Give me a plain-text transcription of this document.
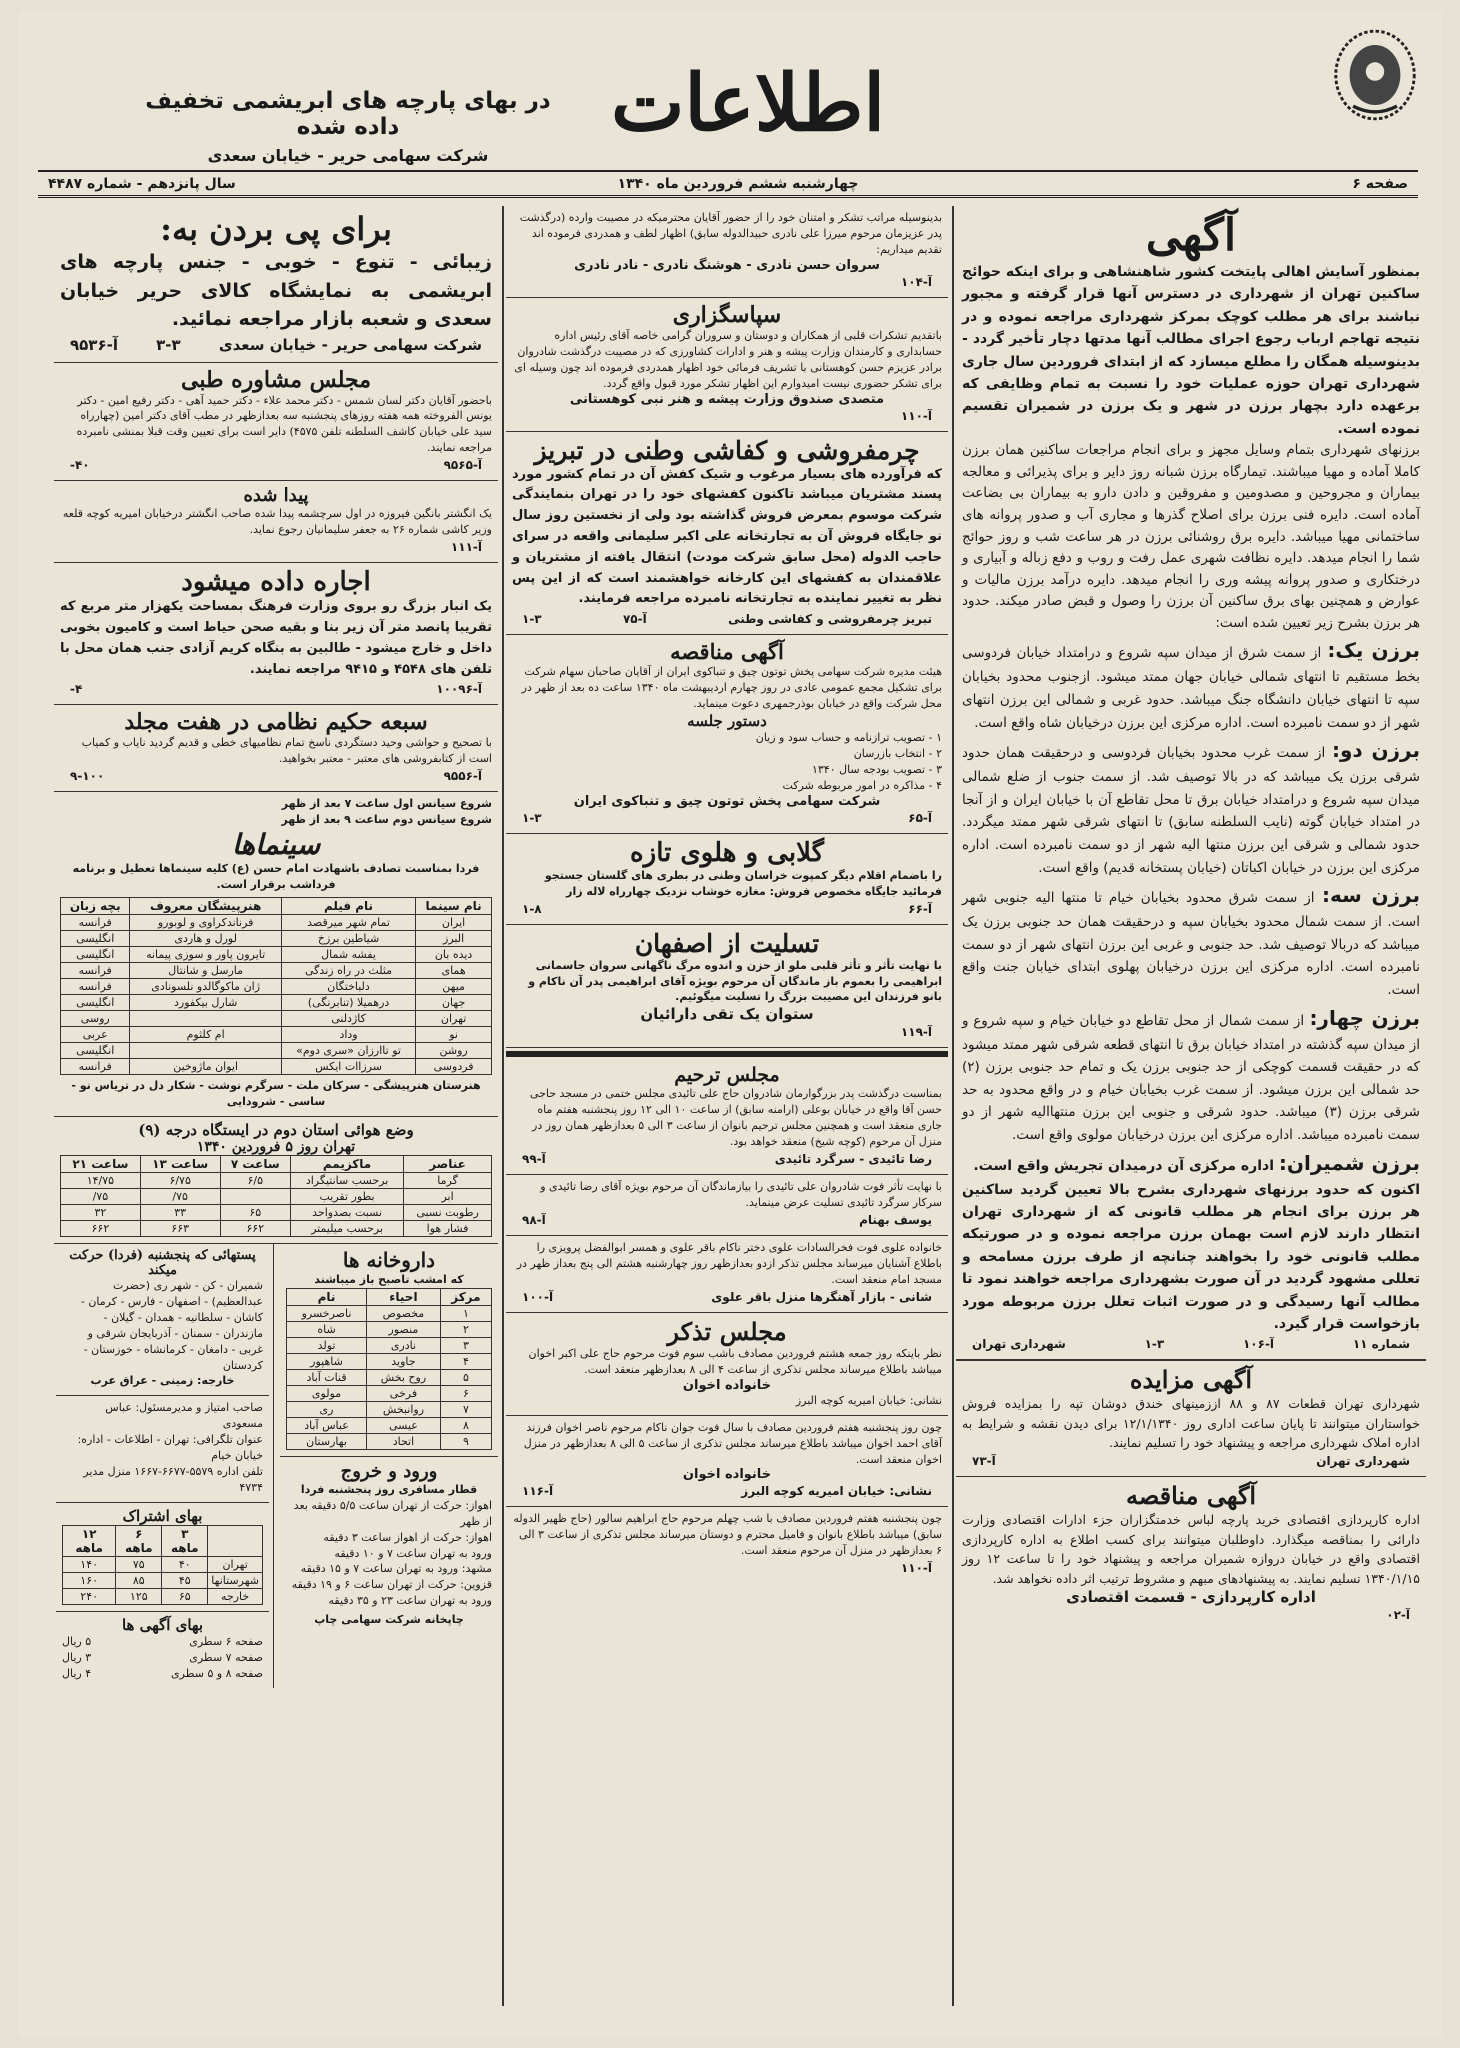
اطلاعات
در بهای پارچه های ابریشمی تخفیف داده شده
شرکت سهامی حریر - خیابان سعدی
صفحه ۶
چهارشنبه ششم فروردین ماه ۱۳۴۰
سال پانزدهم - شماره ۴۴۸۷
آگهی
بمنظور آسایش اهالی پایتخت کشور شاهنشاهی و برای اینکه حوائج ساکنین تهران از شهرداری در دسترس آنها قرار گرفته و مجبور نباشند برای هر مطلب کوچک بمرکز شهرداری مراجعه نموده و در نتیجه تهاجم ارباب رجوع اجرای مطالب آنها مدتها دچار تأخیر گردد - بدینوسیله همگان را مطلع میسازد که از ابتدای فروردین سال جاری شهرداری تهران حوزه عملیات خود را نسبت به تمام وظایفی که برعهده دارد بچهار برزن در شهر و یک برزن در شمیران تقسیم نموده است.
برزنهای شهرداری بتمام وسایل مجهز و برای انجام مراجعات ساکنین همان برزن کاملا آماده و مهیا میباشند. تیمارگاه برزن شبانه روز دایر و برای پذیرائی و معالجه بیماران و مجروحین و مصدومین و مفروقین و دادن دارو به بیماران بی بضاعت آماده است. دایره فنی برزن برای اصلاح گذرها و مجاری آب و صدور پروانه های ساختمانی مهیا میباشد. دایره برق روشنائی برزن در هر ساعت شب و روز حوائج شما را انجام میدهد. دایره نظافت شهری عمل رفت و روب و دفع زباله و آبیاری و درختکاری و صدور پروانه پیشه وری را انجام میدهد. دایره درآمد برزن مالیات و عوارض و همچنین بهای برق ساکنین آن برزن را وصول و قبض صادر میکند. حدود هر برزن بشرح زیر تعیین شده است:
برزن یک: از سمت شرق از میدان سپه شروع و درامتداد خیابان فردوسی بخط مستقیم تا انتهای شمالی خیابان جهان ممتد میشود. ازجنوب محدود بخیابان سپه تا انتهای خیابان دانشگاه جنگ میباشد. حدود غربی و شمالی این برزن انتهای شهر از دو سمت نامبرده است. اداره مرکزی این برزن درخیابان شاه واقع است.
برزن دو: از سمت غرب محدود بخیابان فردوسی و درحقیقت همان حدود شرقی برزن یک میباشد که در بالا توصیف شد. از سمت جنوب از ضلع شمالی میدان سپه شروع و درامتداد خیابان برق تا محل تقاطع آن با خیابان ایران و از آنجا در امتداد خیابان گوته (نایب السلطنه سابق) تا انتهای شرقی شهر ممتد میگردد. حدود شمالی و شرقی این برزن منتها الیه شهر از دو سمت نامبرده است. اداره مرکزی این برزن در خیابان اکباتان (خیابان پستخانه قدیم) واقع است.
برزن سه: از سمت شرق محدود بخیابان خیام تا منتها الیه جنوبی شهر است. از سمت شمال محدود بخیابان سپه و درحقیقت همان حد جنوبی برزن یک میباشد که دربالا توصیف شد. حد جنوبی و غربی این برزن انتهای شهر از دو سمت نامبرده است. اداره مرکزی این برزن درخیابان پهلوی ابتدای خیابان جنت واقع است.
برزن چهار: از سمت شمال از محل تقاطع دو خیابان خیام و سپه شروع و از میدان سپه گذشته در امتداد خیابان برق تا انتهای قطعه شرقی شهر ممتد میشود که در حقیقت قسمت کوچکی از حد جنوبی برزن یک و تمام حد جنوبی برزن (۲) حد شمالی این برزن میشود. از سمت غرب بخیابان خیام و در واقع محدود به حد شرقی برزن (۳) میباشد. حدود شرقی و جنوبی این برزن منتهاالیه شهر از دو سمت نامبرده میباشد. اداره مرکزی این برزن درخیابان مولوی واقع است.
برزن شمیران: اداره مرکزی آن درمیدان تجریش واقع است.
اکنون که حدود برزنهای شهرداری بشرح بالا تعیین گردید ساکنین هر برزن برای انجام هر مطلب قانونی که از شهرداری تهران انتظار دارند لازم است بهمان برزن مراجعه نموده و در صورتیکه مطلب قانونی خود را بخواهند چنانچه از طرف برزن مسامحه و تعللی مشهود گردید در آن صورت بشهرداری مراجعه خواهند نمود تا مطالب آنها رسیدگی و در صورت اثبات تعلل برزن مربوطه مورد بازخواست قرار گیرد.
شماره ۱۱
آ-۱۰۶
۱-۳
شهرداری تهران
آگهی مزایده
شهرداری تهران قطعات ۸۷ و ۸۸ اززمینهای خندق دوشان تپه را بمزایده فروش خواستاران میتوانند تا پایان ساعت اداری روز ۱۲/۱/۱۳۴۰ برای دیدن نقشه و شرایط به اداره املاک شهرداری مراجعه و پیشنهاد خود را تسلیم نمایند.
شهرداری تهران
آ-۷۳
آگهی مناقصه
اداره کارپردازی اقتصادی خرید پارچه لباس خدمتگزاران جزء ادارات اقتصادی وزارت دارائی را بمناقصه میگذارد. داوطلبان میتوانند برای کسب اطلاع به اداره کارپردازی اقتصادی واقع در خیابان دروازه شمیران مراجعه و پیشنهاد خود را تا ساعت ۱۲ روز ۱۳۴۰/۱/۱۵ تسلیم نمایند. به پیشنهادهای مبهم و مشروط ترتیب اثر داده نخواهد شد.
اداره کارپردازی - قسمت اقتصادی
آ-۰۲
بدینوسیله مراتب تشکر و امتنان خود را از حضور آقایان محترمیکه در مصیبت وارده (درگذشت پدر عزیزمان مرحوم میرزا علی نادری حبیدالدوله سابق) اظهار لطف و همدردی فرموده اند تقدیم میداریم:
سروان حسن نادری - هوشنگ نادری - نادر نادری
آ-۱۰۴
سپاسگزاری
باتقدیم تشکرات قلبی از همکاران و دوستان و سروران گرامی خاصه آقای رئیس اداره حسابداری و کارمندان وزارت پیشه و هنر و ادارات کشاورزی که در مصیبت درگذشت شادروان برادر عزیزم حسن کوهستانی با تشریف فرمائی خود اظهار همدردی فرموده اند چون وسیله ای برای تشکر حضوری نیست امیدوارم این اظهار تشکر مورد قبول واقع گردد.
متصدی صندوق وزارت پیشه و هنر نبی کوهستانی
آ-۱۱۰
چرمفروشی و کفاشی وطنی در تبریز
که فرآورده های بسیار مرغوب و شیک کفش آن در تمام کشور مورد پسند مشتریان میباشد تاکنون کفشهای خود را در تهران بنمایندگی شرکت موسوم بمعرض فروش گذاشته بود ولی از نخستین روز سال نو جایگاه فروش آن به تجارتخانه علی اکبر سلیمانی واقعه در سرای حاجب الدوله (محل سابق شرکت مودت) انتقال یافته از مشتریان و علاقمندان به کفشهای این کارخانه خواهشمند است که از این پس نظر به تغییر نماینده به تجارتخانه نامبرده مراجعه فرمایند.
تبریز چرمفروشی و کفاشی وطنی
آ-۷۵
۱-۳
آگهی مناقصه
هیئت مدیره شرکت سهامی پخش توتون چیق و تنباکوی ایران از آقایان صاحبان سهام شرکت برای تشکیل مجمع عمومی عادی در روز چهارم اردیبهشت ماه ۱۳۴۰ ساعت ده بعد از ظهر در محل شرکت واقع در خیابان بوذرجمهری دعوت مینماید.
دستور جلسه
۱ - تصویب ترازنامه و حساب سود و زیان
۲ - انتخاب بازرسان
۳ - تصویب بودجه سال ۱۳۴۰
۴ - مذاکره در امور مربوطه شرکت
شرکت سهامی پخش توتون چیق و تنباکوی ایران
آ-۶۵
۱-۳
گلابی و هلوی تازه
را باضمام اقلام دیگر کمپوت خراسان وطنی در بطری های گلستان جستجو فرمائید جایگاه مخصوص فروش: مغازه خوشاب نزدیک چهارراه لاله زار
آ-۶۶
۱-۸
تسلیت از اصفهان
با نهایت تأثر و تأثر قلبی ملو از حزن و اندوه مرگ ناگهانی سروان جاسمانی ابراهیمی را بعموم باز ماندگان آن مرحوم بویژه آقای ابراهیمی پدر آن ناکام و بانو فرزندان این مصیبت بزرگ را تسلیت میگوئیم.
ستوان یک تقی دارائیان
آ-۱۱۹
مجلس ترحیم
بمناسبت درگذشت پدر بزرگوارمان شادروان حاج علی تائیدی مجلس ختمی در مسجد حاجی حسن آقا واقع در خیابان بوعلی (ارامنه سابق) از ساعت ۱۰ الی ۱۲ روز پنجشنبه هفتم ماه جاری منعقد است و همچنین مجلس ترحیم بانوان از ساعت ۳ الی ۵ بعدازظهر همان روز در منزل آن مرحوم (کوچه شیخ) منعقد خواهد بود.
رضا تائیدی - سرگرد تائیدی
آ-۹۹
با نهایت تأثر فوت شادروان علی تائیدی را بیازماندگان آن مرحوم بویژه آقای رضا تائیدی و سرکار سرگرد تائیدی تسلیت عرض مینماید.
یوسف بهنام
آ-۹۸
خانواده علوی فوت فخرالسادات علوی دختر ناکام باقر علوی و همسر ابوالفضل پرویزی را باطلاع آشنایان میرساند مجلس تذکر ازدو بعدازظهر روز چهارشنبه هشتم الی پنج بعداز ظهر در مسجد امام منعقد است.
شانی - بازار آهنگرها منزل باقر علوی
آ-۱۰۰
مجلس تذکر
نظر باینکه روز جمعه هشتم فروردین مصادف باشب سوم فوت مرحوم حاج علی اکبر اخوان میباشد باطلاع میرساند مجلس تذکری از ساعت ۴ الی ۸ بعدازظهر منعقد است.
خانواده اخوان
نشانی: خیابان امیریه کوچه البرز
چون روز پنجشنبه هفتم فروردین مصادف با سال فوت جوان ناکام مرحوم ناصر اخوان فرزند آقای احمد اخوان میباشد باطلاع میرساند مجلس تذکری از ساعت ۵ الی ۸ بعدازظهر در منزل اخوان منعقد است.
خانواده اخوان
نشانی: خیابان امیریه کوچه البرز
آ-۱۱۶
چون پنجشنبه هفتم فروردین مصادف با شب چهلم مرحوم حاج ابراهیم سالور (حاج ظهیر الدوله سابق) میباشد باطلاع بانوان و فامیل محترم و دوستان میرساند مجلس تذکری از ساعت ۳ الی ۶ بعدازظهر در منزل آن مرحوم منعقد است.
آ-۱۱۰
برای پی بردن به:
زیبائی - تنوع - خوبی - جنس پارچه های ابریشمی به نمایشگاه کالای حریر خیابان سعدی و شعبه بازار مراجعه نمائید.
شرکت سهامی حریر - خیابان سعدی
۳-۳
آ-۹۵۳۶
مجلس مشاوره طبی
باحضور آقایان دکتر لسان شمس - دکتر محمد علاء - دکتر حمید آهی - دکتر رفیع امین - دکتر یونس الفروخته همه هفته روزهای پنجشنبه سه بعدازظهر در مطب آقای دکتر امین (چهارراه سید علی خیابان کاشف السلطنه تلفن ۴۵۷۵) دایر است برای تعیین وقت قبلا بمنشی نامبرده مراجعه نمایند.
آ-۹۵۶۵
۴۰-
پیدا شده
یک انگشتر بانگین فیروزه در اول سرچشمه پیدا شده صاحب انگشتر درخیابان امیریه کوچه قلعه وزیر کاشی شماره ۲۶ به جعفر سلیمانیان رجوع نماید.
آ-۱۱۱
اجاره داده میشود
یک انبار بزرگ رو بروی وزارت فرهنگ بمساحت یکهزار متر مربع که تقریبا پانصد متر آن زیر بنا و بقیه صحن حیاط است و کامیون بخوبی داخل و خارج میشود - طالبین به بنگاه کریم آزادی جنب همان محل با تلفن های ۴۵۴۸ و ۹۴۱۵ مراجعه نمایند.
آ-۱۰۰۹۶
۴-
سبعه حکیم نظامی در هفت مجلد
با تصحیح و حواشی وحید دستگردی ناسخ تمام نظامیهای خطی و قدیم گردید نایاب و کمیاب است از کتابفروشی های معتبر - معتبر بخواهید.
آ-۹۵۵۶
۹-۱۰۰
شروع سیانس اول ساعت ۷ بعد از ظهر
شروع سیانس دوم ساعت ۹ بعد از ظهر
سینماها
فردا بمناسبت تصادف باشهادت امام حسن (ع) کلیه سینماها تعطیل و برنامه فرداشب برقرار است.
نام سینما	نام فیلم	هنرپیشگان معروف	بچه زبان
ایران	تمام شهر میرقصد	فرناندکراوی و لوبورو	فرانسه
البرز	شیاطین برزخ	لورل و هاردی	انگلیسی
دیده بان	یفشه شمال	تایرون پاور و سوزی پیمانه	انگلیسی
همای	مثلث در راه زندگی	مارسل و شانتال	فرانسه
میهن	دلباختگان	ژان ماکوگالدو نلسونادی	فرانسه
جهان	درهمیلا (تنابرنگی)	شارل بیکفورد	انگلیسی
تهران	کاژدلنی		روسی
نو	وداد	ام کلثوم	عربی
روشن	تو تاارزان «سری دوم»		انگلیسی
فردوسی	سرزاات ایکس	ایوان ماژوخین	فرانسه
هنرستان هنرپیشگی - سرکان ملت - سرگرم نوشت - شکار دل در تریاس نو - ساسی - شرودایی
وضع هوائی استان دوم در ایستگاه درجه (۹)
تهران روز ۵ فروردین ۱۳۴۰
عناصر	ماکزیمم	ساعت ۷	ساعت ۱۳	ساعت ۲۱
گرما	برحسب سانتیگراد	۶/۵	۶/۷۵	۱۴/۷۵
ابر	بطور تقریب		۷۵/	۷۵/
رطوبت نسبی	نسبت بصدواحد	۶۵	۳۳	۳۲
فشار هوا	برحسب میلیمتر	۶۶۲	۶۶۳	۶۶۲
داروخانه ها
که امشب تاصبح باز میباشند
مرکز	احیاء	نام
۱	مخصوص	ناصرخسرو
۲	منصور	شاه
۳	نادری	تولد
۴	جاوید	شاهپور
۵	روح بخش	قنات آباد
۶	فرخی	مولوی
۷	روانبخش	ری
۸	عیسی	عباس آباد
۹	اتحاد	بهارستان
ورود و خروج
قطار مسافری روز پنجشنبه فردا
اهواز: حرکت از تهران ساعت ۵/۵ دقیقه بعد از ظهر
اهواز: حرکت از اهواز ساعت ۳ دقیقه
ورود به تهران ساعت ۷ و ۱۰ دقیقه
مشهد: ورود به تهران ساعت ۷ و ۱۵ دقیقه
قزوین: حرکت از تهران ساعت ۶ و ۱۹ دقیقه
ورود به تهران ساعت ۲۳ و ۳۵ دقیقه
چاپخانه شرکت سهامی چاپ
پستهائی که پنجشنبه (فردا) حرکت میکند
شمیران - کن - شهر ری (حضرت عبدالعظیم) - اصفهان - فارس - کرمان - کاشان - سلطانیه - همدان - گیلان - مازندران - سمنان - آذربایجان شرقی و غربی - دامغان - کرمانشاه - خوزستان - کردستان
خارجه: زمینی - عراق عرب
صاحب امتیاز و مدیرمسئول: عباس مسعودی
عنوان تلگرافی: تهران - اطلاعات - اداره: خیابان خیام
تلفن اداره ۵۵۷۹-۶۶۷۷-۱۶۶۷ منزل مدیر ۴۷۳۴
بهای اشتراک
	۳ ماهه	۶ ماهه	۱۲ ماهه
تهران	۴۰	۷۵	۱۴۰
شهرستانها	۴۵	۸۵	۱۶۰
خارجه	۶۵	۱۲۵	۲۴۰
بهای آگهی ها
صفحه ۶ سطری
۵ ریال
صفحه ۷ سطری
۳ ریال
صفحه ۸ و ۵ سطری
۴ ریال
